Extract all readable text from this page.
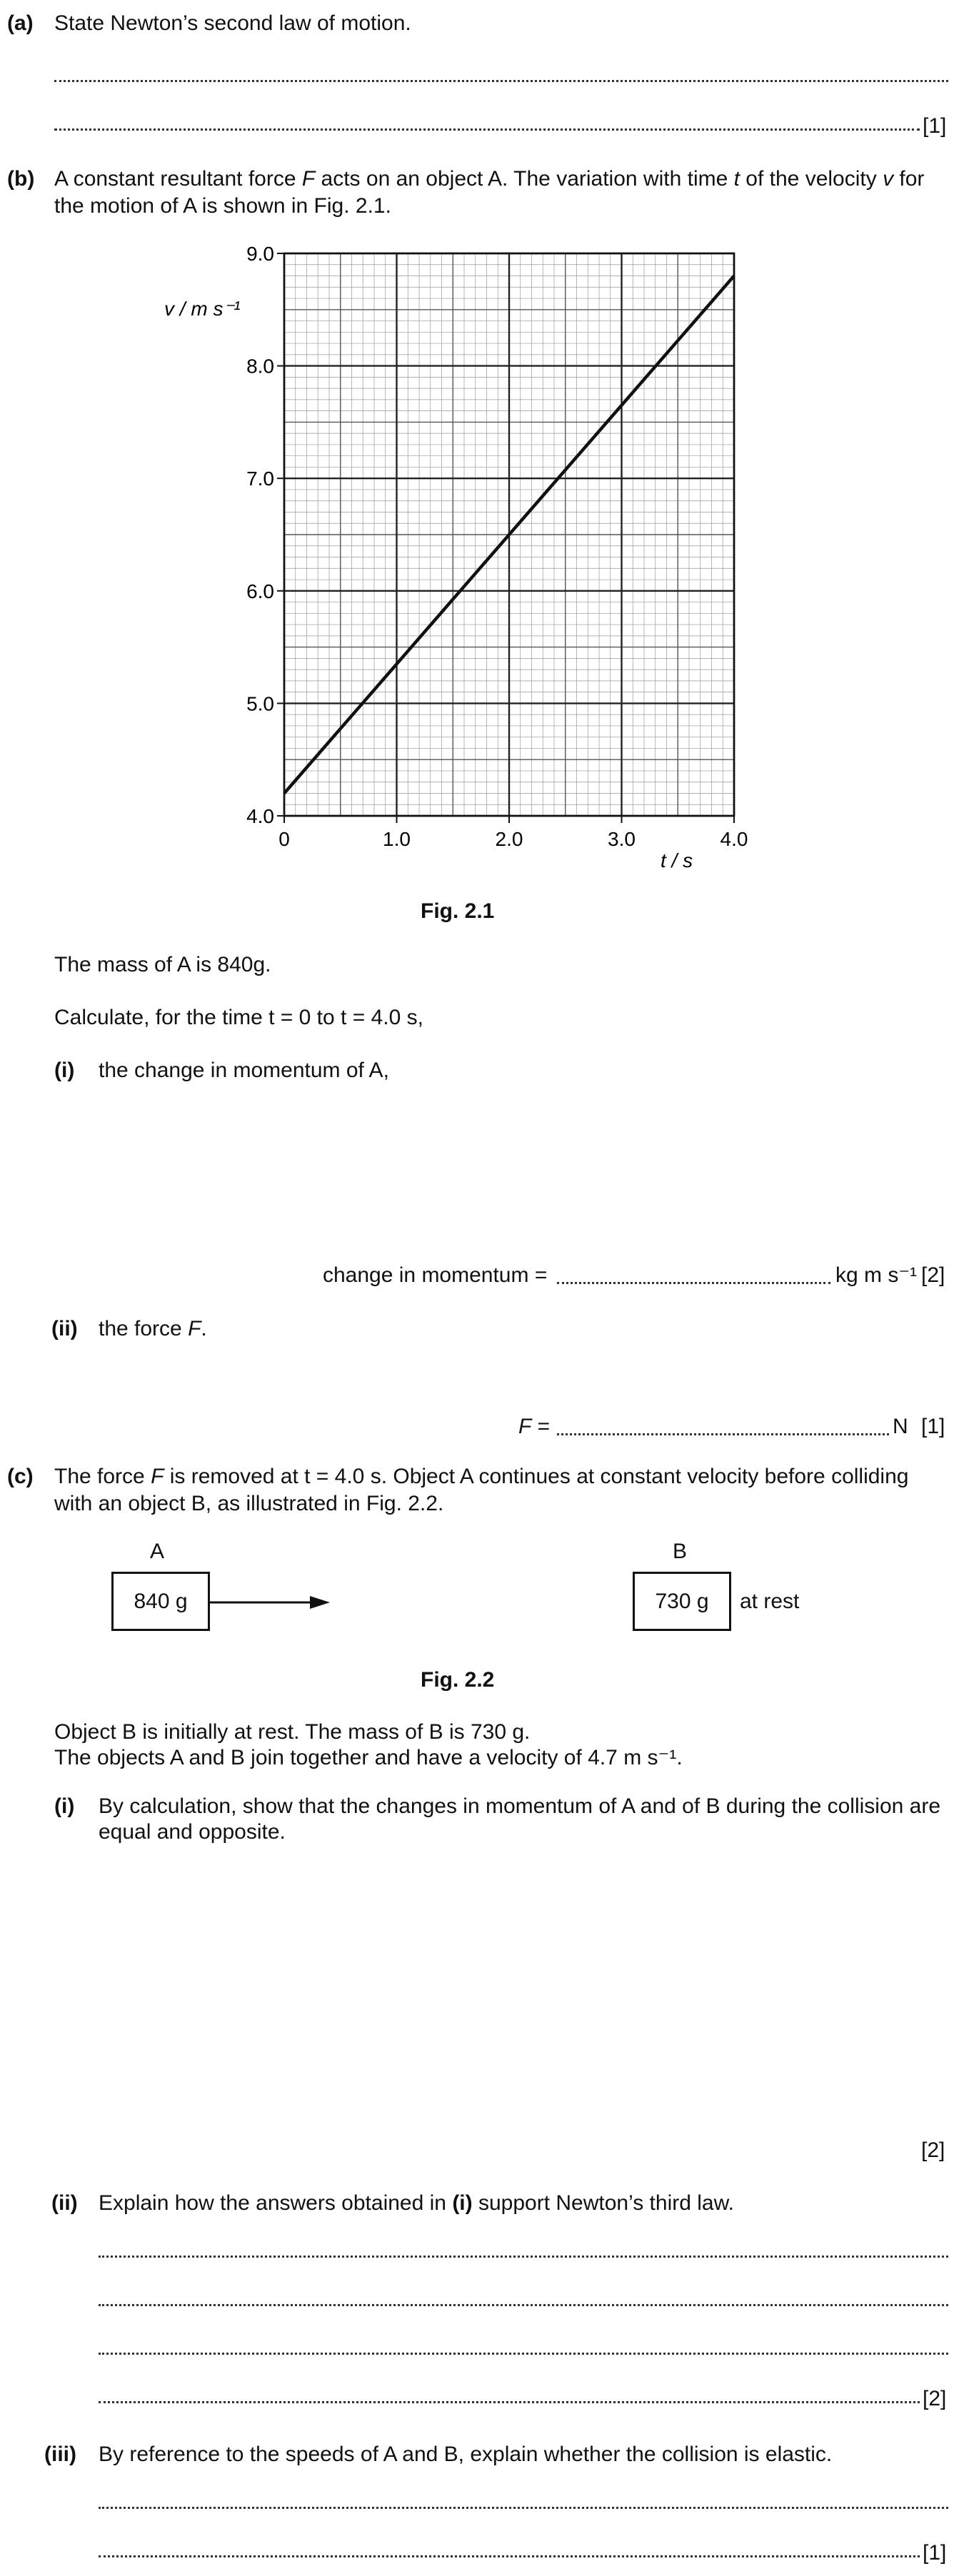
(a) State Newton’s second law of motion.
[1]
(b) A constant resultant force F acts on an object A. The variation with time t of the velocity v for
the motion of A is shown in Fig. 2.1.
0	1.0	2.0	3.0	4.0
4.0
5.0
6.0
7.0
8.0
9.0
v / m s⁻¹
t / s
Fig. 2.1
The mass of A is 840g.
Calculate, for the time t = 0 to t = 4.0 s,
(i) the change in momentum of A,
change in momentum =	kg m s⁻¹ [2]
(ii) the force F.
F =	N [1]
(c) The force F is removed at t = 4.0 s. Object A continues at constant velocity before colliding
with an object B, as illustrated in Fig. 2.2.
A
840 g
B
730 g at rest
Fig. 2.2
Object B is initially at rest. The mass of B is 730 g.
The objects A and B join together and have a velocity of 4.7 m s⁻¹.
(i) By calculation, show that the changes in momentum of A and of B during the collision are
equal and opposite.
[2]
(ii) Explain how the answers obtained in (i) support Newton’s third law.
[2]
(iii) By reference to the speeds of A and B, explain whether the collision is elastic.
[1]
